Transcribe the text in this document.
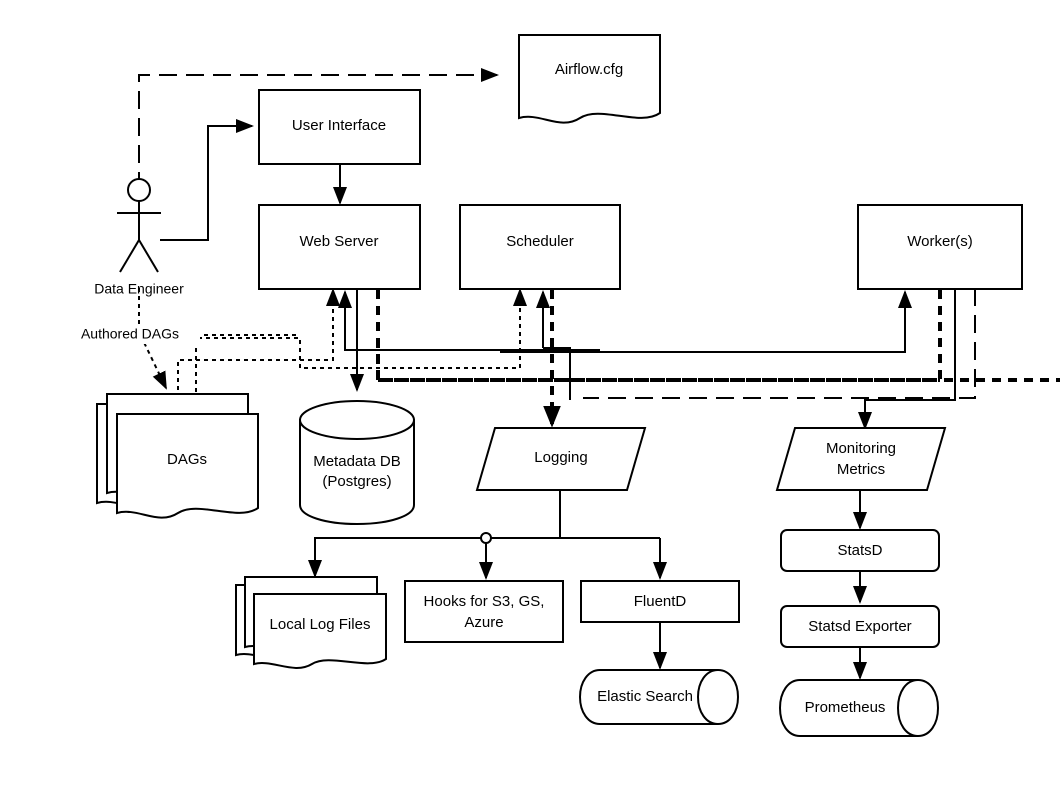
Airflow.cfg
User Interface
Web Server	Scheduler	Worker(s)
Data Engineer
Authored DAGs
DAGs	Metadata DB
(Postgres)
Logging
Monitoring
Metrics
Local Log Files
Hooks for S3, GS,
Azure
FluentD
Elastic Search
StatsD
Statsd Exporter
Prometheus
